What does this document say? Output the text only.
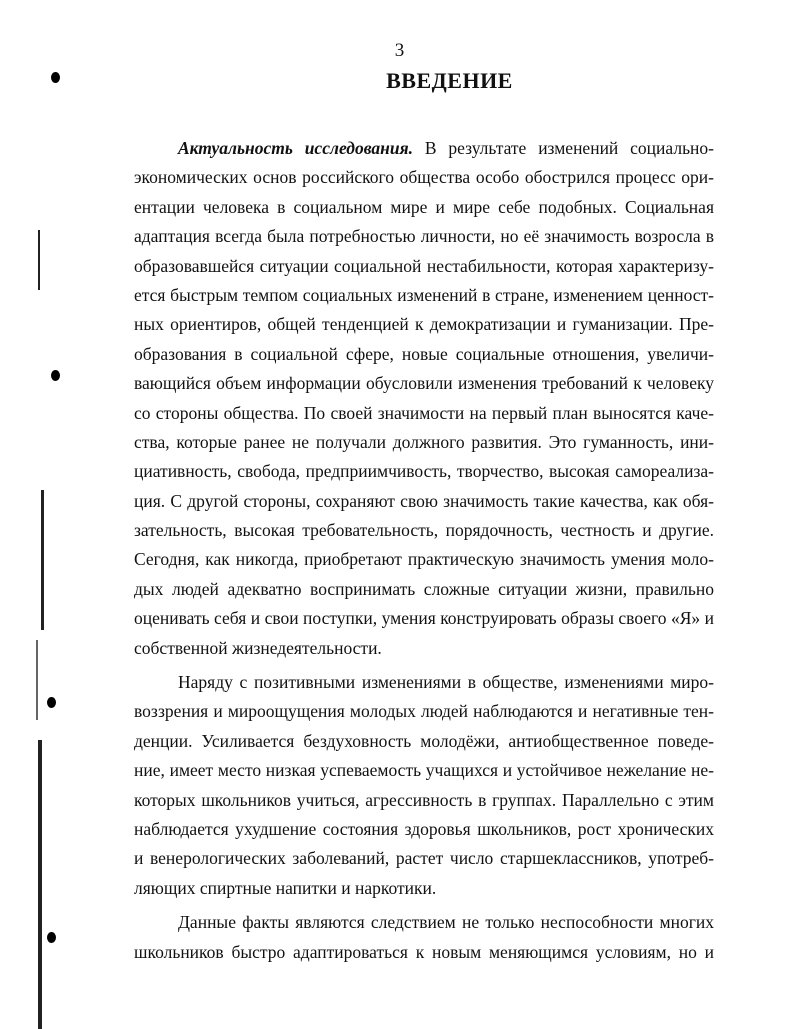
3
ВВЕДЕНИЕ
Актуальность исследования. В результате изменений социально-
экономических основ российского общества особо обострился процесс ори-
ентации человека в социальном мире и мире себе подобных. Социальная
адаптация всегда была потребностью личности, но её значимость возросла в
образовавшейся ситуации социальной нестабильности, которая характеризу-
ется быстрым темпом социальных изменений в стране, изменением ценност-
ных ориентиров, общей тенденцией к демократизации и гуманизации. Пре-
образования в социальной сфере, новые социальные отношения, увеличи-
вающийся объем информации обусловили изменения требований к человеку
со стороны общества. По своей значимости на первый план выносятся каче-
ства, которые ранее не получали должного развития. Это гуманность, ини-
циативность, свобода, предприимчивость, творчество, высокая самореализа-
ция. С другой стороны, сохраняют свою значимость такие качества, как обя-
зательность, высокая требовательность, порядочность, честность и другие.
Сегодня, как никогда, приобретают практическую значимость умения моло-
дых людей адекватно воспринимать сложные ситуации жизни, правильно
оценивать себя и свои поступки, умения конструировать образы своего «Я» и
собственной жизнедеятельности.
Наряду с позитивными изменениями в обществе, изменениями миро-
воззрения и мироощущения молодых людей наблюдаются и негативные тен-
денции. Усиливается бездуховность молодёжи, антиобщественное поведе-
ние, имеет место низкая успеваемость учащихся и устойчивое нежелание не-
которых школьников учиться, агрессивность в группах. Параллельно с этим
наблюдается ухудшение состояния здоровья школьников, рост хронических
и венерологических заболеваний, растет число старшеклассников, употреб-
ляющих спиртные напитки и наркотики.
Данные факты являются следствием не только неспособности многих
школьников быстро адаптироваться к новым меняющимся условиям, но и
